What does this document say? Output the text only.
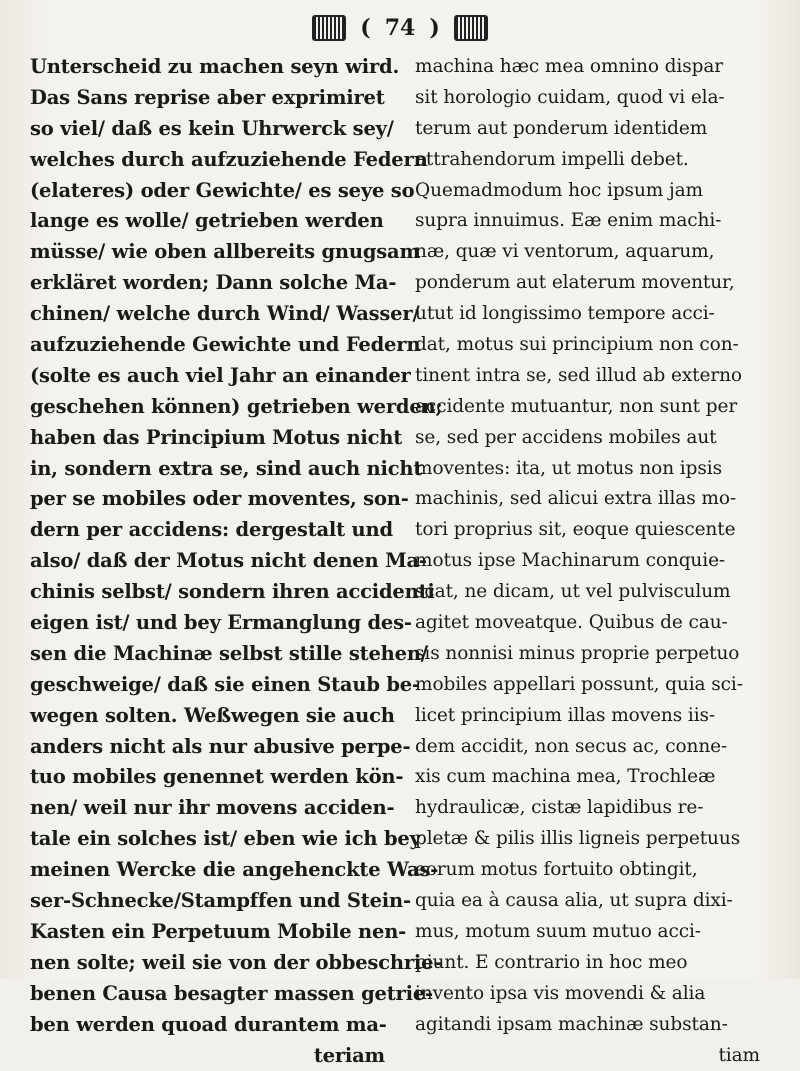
( 74 )
Unterscheid zu machen seyn wird.
Das Sans reprise aber exprimiret
so viel/ daß es kein Uhrwerck sey/
welches durch aufzuziehende Federn
(elateres) oder Gewichte/ es seye so
lange es wolle/ getrieben werden
müsse/ wie oben allbereits gnugsam
erkläret worden; Dann solche Ma-
chinen/ welche durch Wind/ Wasser/
aufzuziehende Gewichte und Federn
(solte es auch viel Jahr an einander
geschehen können) getrieben werden;
haben das Principium Motus nicht
in, sondern extra se, sind auch nicht
per se mobiles oder moventes, son-
dern per accidens: dergestalt und
also/ daß der Motus nicht denen Ma-
chinis selbst/ sondern ihren accidenti
eigen ist/ und bey Ermanglung des-
sen die Machinæ selbst stille stehen/
geschweige/ daß sie einen Staub be-
wegen solten. Weßwegen sie auch
anders nicht als nur abusive perpe-
tuo mobiles genennet werden kön-
nen/ weil nur ihr movens acciden-
tale ein solches ist/ eben wie ich bey
meinen Wercke die angehenckte Was-
ser-Schnecke/Stampffen und Stein-
Kasten ein Perpetuum Mobile nen-
nen solte; weil sie von der obbeschrie-
benen Causa besagter massen getrie-
ben werden quoad durantem ma-
teriam
machina hæc mea omnino dispar
sit horologio cuidam, quod vi ela-
terum aut ponderum identidem
attrahendorum impelli debet.
Quemadmodum hoc ipsum jam
supra innuimus. Eæ enim machi-
næ, quæ vi ventorum, aquarum,
ponderum aut elaterum moventur,
utut id longissimo tempore acci-
dat, motus sui principium non con-
tinent intra se, sed illud ab externo
accidente mutuantur, non sunt per
se, sed per accidens mobiles aut
moventes: ita, ut motus non ipsis
machinis, sed alicui extra illas mo-
tori proprius sit, eoque quiescente
motus ipse Machinarum conquie-
scat, ne dicam, ut vel pulvisculum
agitet moveatque. Quibus de cau-
sis nonnisi minus proprie perpetuo
mobiles appellari possunt, quia sci-
licet principium illas movens iis-
dem accidit, non secus ac, conne-
xis cum machina mea, Trochleæ
hydraulicæ, cistæ lapidibus re-
pletæ & pilis illis ligneis perpetuus
eorum motus fortuito obtingit,
quia ea à causa alia, ut supra dixi-
mus, motum suum mutuo acci-
piunt. E contrario in hoc meo
invento ipsa vis movendi & alia
agitandi ipsam machinæ substan-
tiam
